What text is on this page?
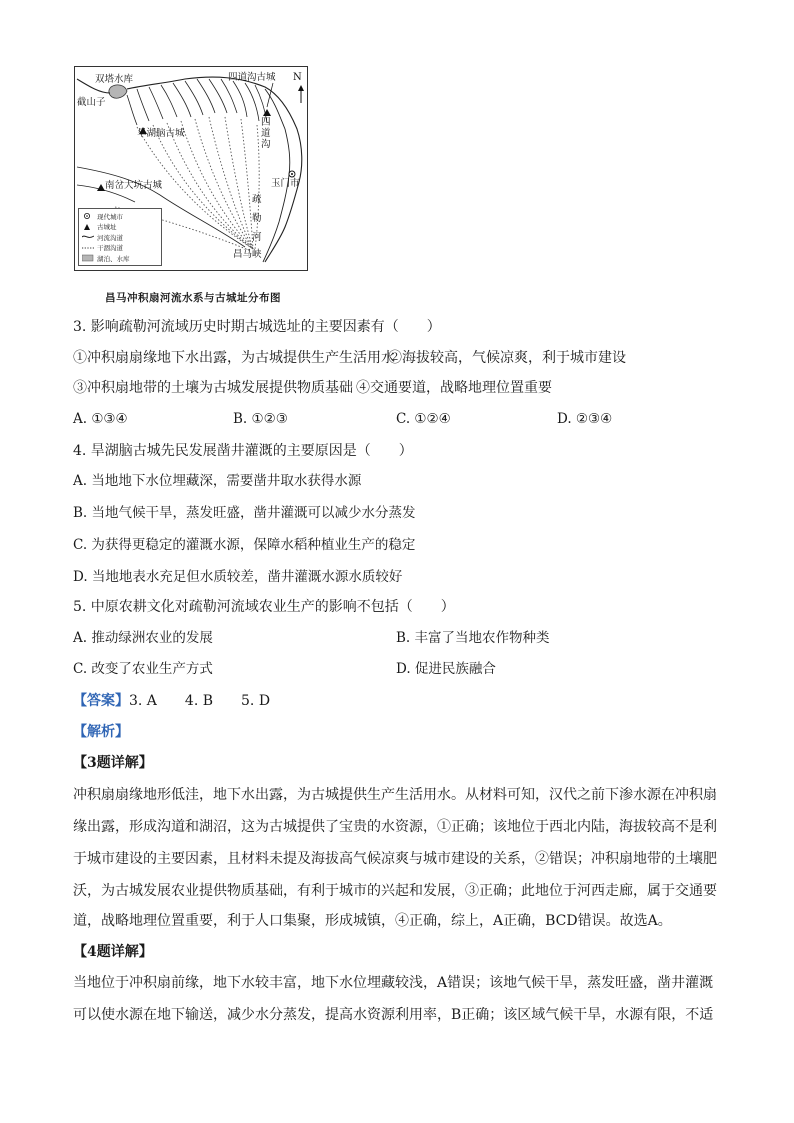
双塔水库
截山子
四道沟古城 N
旱湖脑古城
四道沟
玉门市
南岔大坑古城
疏勒河
昌马峡
现代城市
古城址
河流沟道
干涸沟道
湖泊、水库
昌马冲积扇河流水系与古城址分布图
3. 影响疏勒河流域历史时期古城选址的主要因素有（　　）
①冲积扇扇缘地下水出露，为古城提供生产生活用水
②海拔较高，气候凉爽，利于城市建设
③冲积扇地带的土壤为古城发展提供物质基础 ④交通要道，战略地理位置重要
A. ①③④	B. ①②③	C. ①②④	D. ②③④
4. 旱湖脑古城先民发展凿井灌溉的主要原因是（　　）
A. 当地地下水位埋藏深，需要凿井取水获得水源
B. 当地气候干旱，蒸发旺盛，凿井灌溉可以减少水分蒸发
C. 为获得更稳定的灌溉水源，保障水稻种植业生产的稳定
D. 当地地表水充足但水质较差，凿井灌溉水源水质较好
5. 中原农耕文化对疏勒河流域农业生产的影响不包括（　　）
A. 推动绿洲农业的发展	B. 丰富了当地农作物种类
C. 改变了农业生产方式	D. 促进民族融合
【答案】3. A　　4. B　　5. D
【解析】
【3题详解】
冲积扇扇缘地形低洼，地下水出露，为古城提供生产生活用水。从材料可知，汉代之前下渗水源在冲积扇
缘出露，形成沟道和湖沼，这为古城提供了宝贵的水资源，①正确；该地位于西北内陆，海拔较高不是利
于城市建设的主要因素，且材料未提及海拔高气候凉爽与城市建设的关系，②错误；冲积扇地带的土壤肥
沃，为古城发展农业提供物质基础，有利于城市的兴起和发展，③正确；此地位于河西走廊，属于交通要
道，战略地理位置重要，利于人口集聚，形成城镇，④正确，综上，A正确，BCD错误。故选A。
【4题详解】
当地位于冲积扇前缘，地下水较丰富，地下水位埋藏较浅，A错误；该地气候干旱，蒸发旺盛，凿井灌溉
可以使水源在地下输送，减少水分蒸发，提高水资源利用率，B正确；该区域气候干旱，水源有限，不适
